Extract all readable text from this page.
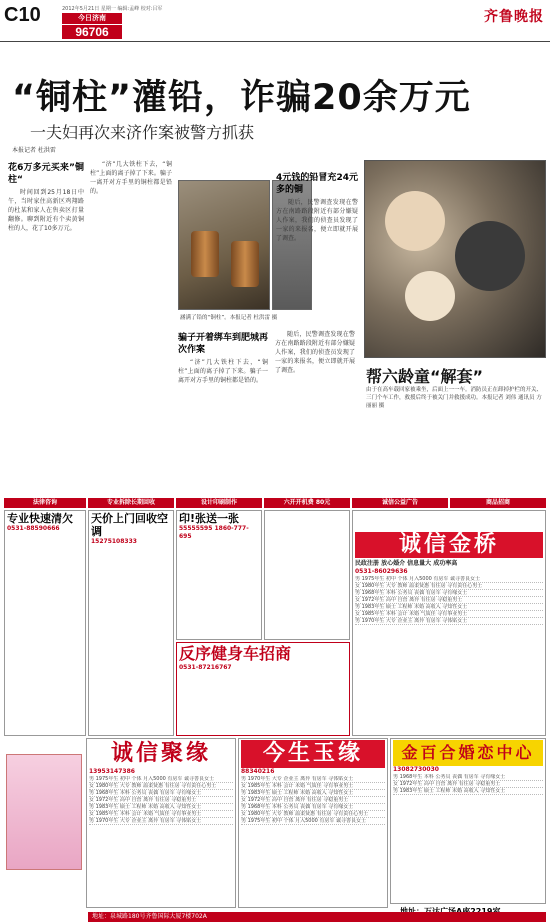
C10	2012年5月21日 星期一 编辑:孟峰 校对:吕军
今日济南
96706
齐鲁晚报
“铜柱”灌铅，诈骗20余万元
一夫妇再次来济作案被警方抓获
本报记者 杜洪雷
花6万多元买来”铜柱“

时间回到25月18日中午，当时家住高新区鸡翔路的杜某和家人在售卖区打量翻修。聊到附近有个卖黄铜柱的人，花了10多万元。

“济”几大铁柱下去，“铜柱”上面的离子掉了下来。骗子一离开对方手里的铜柱都是铅的。

涵满了铅的“铜柱”。本报记者 杜洪雷 摄
骗子开着绑车到肥城再次作案

“济”几大铁柱下去，“铜柱”上面的离子掉了下来。骗子一离开对方手里的铜柱都是铅的。

随后，民警调查发现在警方在南路路段附近有部分嫌疑人作案，我们的侦查员发现了一家的来报名，便立即就开展了调查。

4元钱的铅冒充24元多的铜

随后，民警调查发现在警方在南路路段附近有部分嫌疑人作案，我们的侦查员发现了一家的来报名，便立即就开展了调查。

帮六龄童“解套”
由于在高车载回家被乘坐，后面上一一车。消防员正在卸掉护栏的开关、三门个车工作，救援后终于被关门并救援成功。本报记者 刘伟 通讯员 方丽丽 摄
法律咨询	专业拆除长期回收	设计印刷制作	六开开机费 80元	诚信公益广告	商品招商
专业快速清欠
0531-88590666
天价上门回收空调
15275108333
印!张送一张
55555595 1860-777-695
反序健身车招商
0531-87216767
诚信金桥
民政注册 放心婚介 信息量大 成功率高
0531-86029636
男 1975年生 初中 个体 月入5000 有房车 诚寻善良女士
女 1980年生 大专 教师 温柔贤惠 有住房 寻有责任心男士
男 1968年生 本科 公务员 丧偶 有房车 寻有缘女士
女 1972年生 高中 自营 离异 有住房 寻稳重男士
男 1983年生 硕士 工程师 未婚 高收入 寻知性女士
女 1985年生 本科 会计 未婚 气质佳 寻有事业男士
男 1970年生 大专 企业主 离异 有房车 寻体贴女士
诚信聚缘
13953147386
男 1975年生 初中 个体 月入5000 有房车 诚寻善良女士
女 1980年生 大专 教师 温柔贤惠 有住房 寻有责任心男士
男 1968年生 本科 公务员 丧偶 有房车 寻有缘女士
女 1972年生 高中 自营 离异 有住房 寻稳重男士
男 1983年生 硕士 工程师 未婚 高收入 寻知性女士
女 1985年生 本科 会计 未婚 气质佳 寻有事业男士
男 1970年生 大专 企业主 离异 有房车 寻体贴女士
今生玉缘
88340216
男 1970年生 大专 企业主 离异 有房车 寻体贴女士
女 1985年生 本科 会计 未婚 气质佳 寻有事业男士
男 1983年生 硕士 工程师 未婚 高收入 寻知性女士
女 1972年生 高中 自营 离异 有住房 寻稳重男士
男 1968年生 本科 公务员 丧偶 有房车 寻有缘女士
女 1980年生 大专 教师 温柔贤惠 有住房 寻有责任心男士
男 1975年生 初中 个体 月入5000 有房车 诚寻善良女士
金百合婚恋中心
13082730030
男 1968年生 本科 公务员 丧偶 有房车 寻有缘女士
女 1972年生 高中 自营 离异 有住房 寻稳重男士
男 1983年生 硕士 工程师 未婚 高收入 寻知性女士
地址：泉城路180号齐鲁国际大厦7楼702A
